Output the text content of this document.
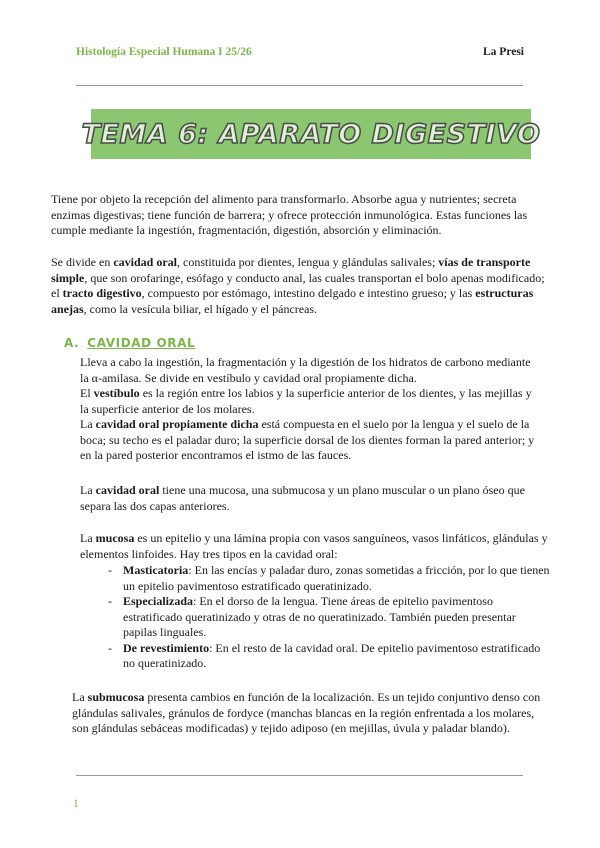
Histología Especial Humana I 25/26	La Presi
TEMA 6: APARATO DIGESTIVO

Tiene por objeto la recepción del alimento para transformarlo. Absorbe agua y nutrientes; secreta enzimas digestivas; tiene función de barrera; y ofrece protección inmunológica. Estas funciones las cumple mediante la ingestión, fragmentación, digestión, absorción y eliminación.

Se divide en cavidad oral, constituida por dientes, lengua y glándulas salivales; vías de transporte simple, que son orofaringe, esófago y conducto anal, las cuales transportan el bolo apenas modificado; el tracto digestivo, compuesto por estómago, intestino delgado e intestino grueso; y las estructuras anejas, como la vesícula biliar, el hígado y el páncreas.

A. CAVIDAD ORAL

Lleva a cabo la ingestión, la fragmentación y la digestión de los hidratos de carbono mediante la α-amilasa. Se divide en vestíbulo y cavidad oral propiamente dicha.
El vestíbulo es la región entre los labios y la superficie anterior de los dientes, y las mejillas y la superficie anterior de los molares.
La cavidad oral propiamente dicha está compuesta en el suelo por la lengua y el suelo de la boca; su techo es el paladar duro; la superficie dorsal de los dientes forman la pared anterior; y en la pared posterior encontramos el istmo de las fauces.

La cavidad oral tiene una mucosa, una submucosa y un plano muscular o un plano óseo que separa las dos capas anteriores.

La mucosa es un epitelio y una lámina propia con vasos sanguíneos, vasos linfáticos, glándulas y elementos linfoides. Hay tres tipos en la cavidad oral:

- Masticatoria: En las encías y paladar duro, zonas sometidas a fricción, por lo que tienen un epitelio pavimentoso estratificado queratinizado.
- Especializada: En el dorso de la lengua. Tiene áreas de epitelio pavimentoso estratificado queratinizado y otras de no queratinizado. También pueden presentar papilas linguales.
- De revestimiento: En el resto de la cavidad oral. De epitelio pavimentoso estratificado no queratinizado.

La submucosa presenta cambios en función de la localización. Es un tejido conjuntivo denso con glándulas salivales, gránulos de fordyce (manchas blancas en la región enfrentada a los molares, son glándulas sebáceas modificadas) y tejido adiposo (en mejillas, úvula y paladar blando).

1
